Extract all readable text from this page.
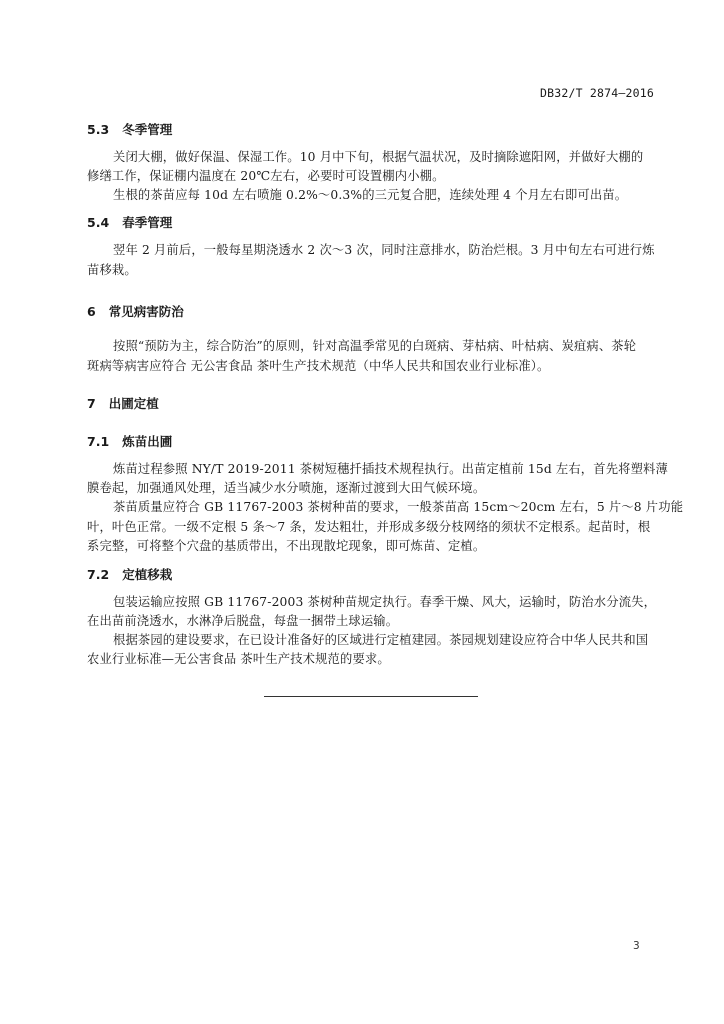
DB32/T 2874—2016
5.3 冬季管理
关闭大棚，做好保温、保湿工作。10 月中下旬，根据气温状况，及时摘除遮阳网，并做好大棚的
修缮工作，保证棚内温度在 20℃左右，必要时可设置棚内小棚。
生根的茶苗应每 10d 左右喷施 0.2%～0.3%的三元复合肥，连续处理 4 个月左右即可出苗。
5.4 春季管理
翌年 2 月前后，一般每星期浇透水 2 次～3 次，同时注意排水，防治烂根。3 月中旬左右可进行炼
苗移栽。
6 常见病害防治
按照“预防为主，综合防治”的原则，针对高温季常见的白斑病、芽枯病、叶枯病、炭疽病、茶轮
斑病等病害应符合 无公害食品 茶叶生产技术规范（中华人民共和国农业行业标准）。
7 出圃定植
7.1 炼苗出圃
炼苗过程参照 NY/T 2019-2011 茶树短穗扦插技术规程执行。出苗定植前 15d 左右，首先将塑料薄
膜卷起，加强通风处理，适当减少水分喷施，逐渐过渡到大田气候环境。
茶苗质量应符合 GB 11767-2003 茶树种苗的要求，一般茶苗高 15cm～20cm 左右，5 片～8 片功能
叶，叶色正常。一级不定根 5 条～7 条，发达粗壮，并形成多级分枝网络的须状不定根系。起苗时，根
系完整，可将整个穴盘的基质带出，不出现散坨现象，即可炼苗、定植。
7.2 定植移栽
包装运输应按照 GB 11767-2003 茶树种苗规定执行。春季干燥、风大，运输时，防治水分流失，
在出苗前浇透水，水淋净后脱盘，每盘一捆带土球运输。
根据茶园的建设要求，在已设计准备好的区域进行定植建园。茶园规划建设应符合中华人民共和国
农业行业标准—无公害食品 茶叶生产技术规范的要求。
3
